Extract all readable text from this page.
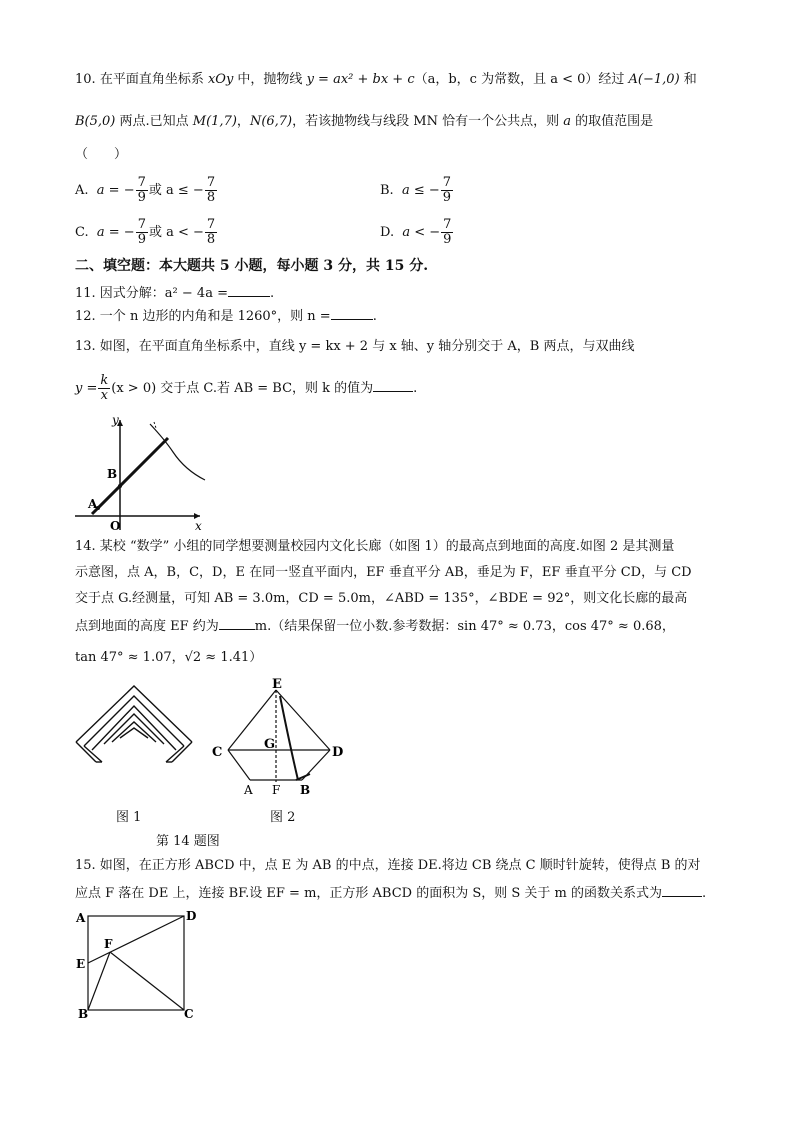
10. 在平面直角坐标系 xOy 中，抛物线 y = ax² + bx + c（a，b，c 为常数，且 a < 0）经过 A(−1,0) 和
B(5,0) 两点.已知点 M(1,7)，N(6,7)，若该抛物线与线段 MN 恰有一个公共点，则 a 的取值范围是
（　　）
A. a = − $\frac{7}{9}$ 或 a ≤ − $\frac{7}{8}$	B. a ≤ − $\frac{7}{9}$
C. a = − $\frac{7}{9}$ 或 a < − $\frac{7}{8}$	D. a < − $\frac{7}{9}$
二、填空题：本大题共 5 小题，每小题 3 分，共 15 分.
11. 因式分解：a² − 4a =	.
12. 一个 n 边形的内角和是 1260°，则 n =	.
13. 如图，在平面直角坐标系中，直线 y = kx + 2 与 x 轴、y 轴分别交于 A，B 两点，与双曲线
$y = \frac{k}{x} (x > 0)$ 交于点 C.若 AB = BC，则 k 的值为	.
y
x
A
B
O
14. 某校 “数学” 小组的同学想要测量校园内文化长廊（如图 1）的最高点到地面的高度.如图 2 是其测量
示意图，点 A，B，C，D，E 在同一竖直平面内，EF 垂直平分 AB，垂足为 F，EF 垂直平分 CD，与 CD
交于点 G.经测量，可知 AB = 3.0m，CD = 5.0m，∠ABD = 135°，∠BDE = 92°，则文化长廊的最高
点到地面的高度 EF 约为	m.（结果保留一位小数.参考数据：sin 47° ≈ 0.73，cos 47° ≈ 0.68，
tan 47° ≈ 1.07，√2 ≈ 1.41）
E
C
G
D
A F B
图 1	图 2
第 14 题图
15. 如图，在正方形 ABCD 中，点 E 为 AB 的中点，连接 DE.将边 CB 绕点 C 顺时针旋转，使得点 B 的对
应点 F 落在 DE 上，连接 BF.设 EF = m，正方形 ABCD 的面积为 S，则 S 关于 m 的函数关系式为	.
A	D
F
E
B	C
